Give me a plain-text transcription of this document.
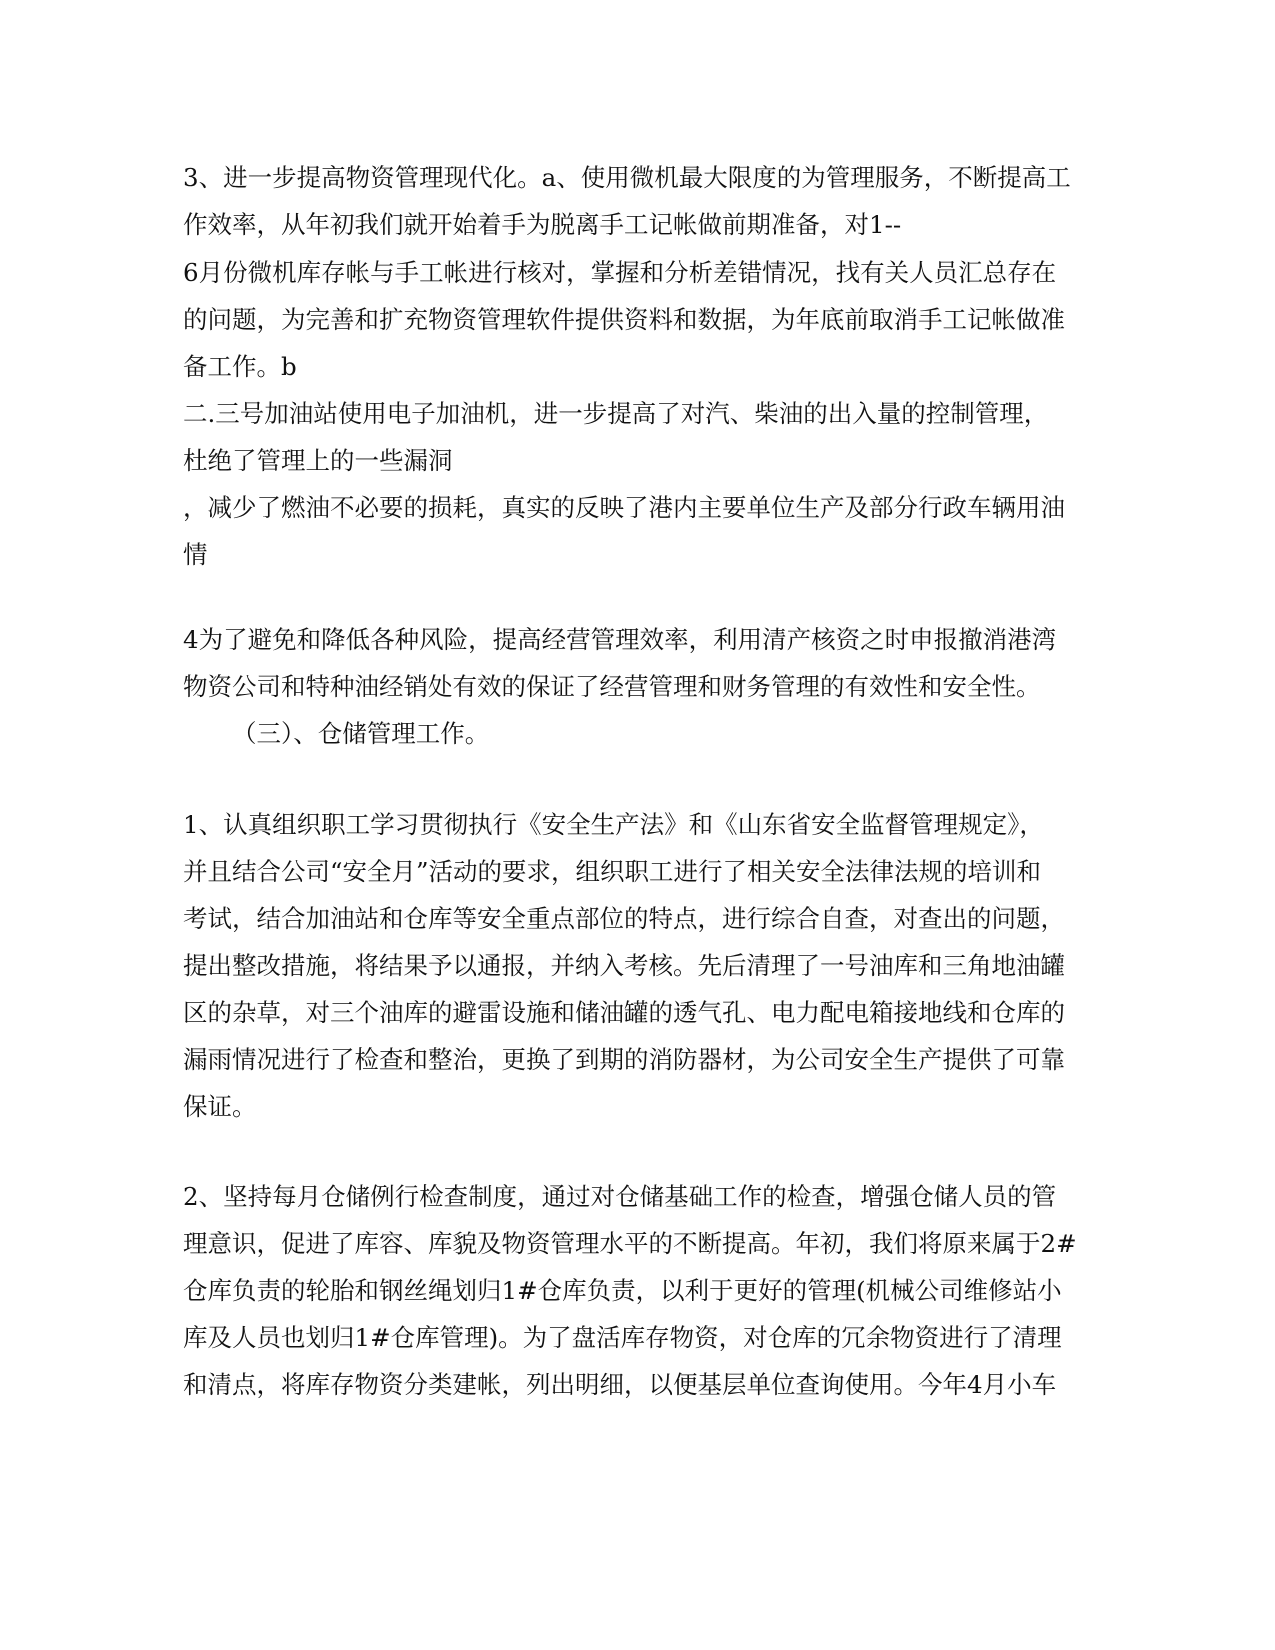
3、进一步提高物资管理现代化。a、使用微机最大限度的为管理服务，不断提高工
作效率，从年初我们就开始着手为脱离手工记帐做前期准备，对1--
6月份微机库存帐与手工帐进行核对，掌握和分析差错情况，找有关人员汇总存在
的问题，为完善和扩充物资管理软件提供资料和数据，为年底前取消手工记帐做准
备工作。b
二.三号加油站使用电子加油机，进一步提高了对汽、柴油的出入量的控制管理，
杜绝了管理上的一些漏洞
，减少了燃油不必要的损耗，真实的反映了港内主要单位生产及部分行政车辆用油
情
4为了避免和降低各种风险，提高经营管理效率，利用清产核资之时申报撤消港湾
物资公司和特种油经销处有效的保证了经营管理和财务管理的有效性和安全性。
（三）、仓储管理工作。
1、认真组织职工学习贯彻执行《安全生产法》和《山东省安全监督管理规定》，
并且结合公司“安全月”活动的要求，组织职工进行了相关安全法律法规的培训和
考试，结合加油站和仓库等安全重点部位的特点，进行综合自查，对查出的问题，
提出整改措施，将结果予以通报，并纳入考核。先后清理了一号油库和三角地油罐
区的杂草，对三个油库的避雷设施和储油罐的透气孔、电力配电箱接地线和仓库的
漏雨情况进行了检查和整治，更换了到期的消防器材，为公司安全生产提供了可靠
保证。
2、坚持每月仓储例行检查制度，通过对仓储基础工作的检查，增强仓储人员的管
理意识，促进了库容、库貌及物资管理水平的不断提高。年初，我们将原来属于2#
仓库负责的轮胎和钢丝绳划归1#仓库负责，以利于更好的管理(机械公司维修站小
库及人员也划归1#仓库管理)。为了盘活库存物资，对仓库的冗余物资进行了清理
和清点，将库存物资分类建帐，列出明细，以便基层单位查询使用。今年4月小车
